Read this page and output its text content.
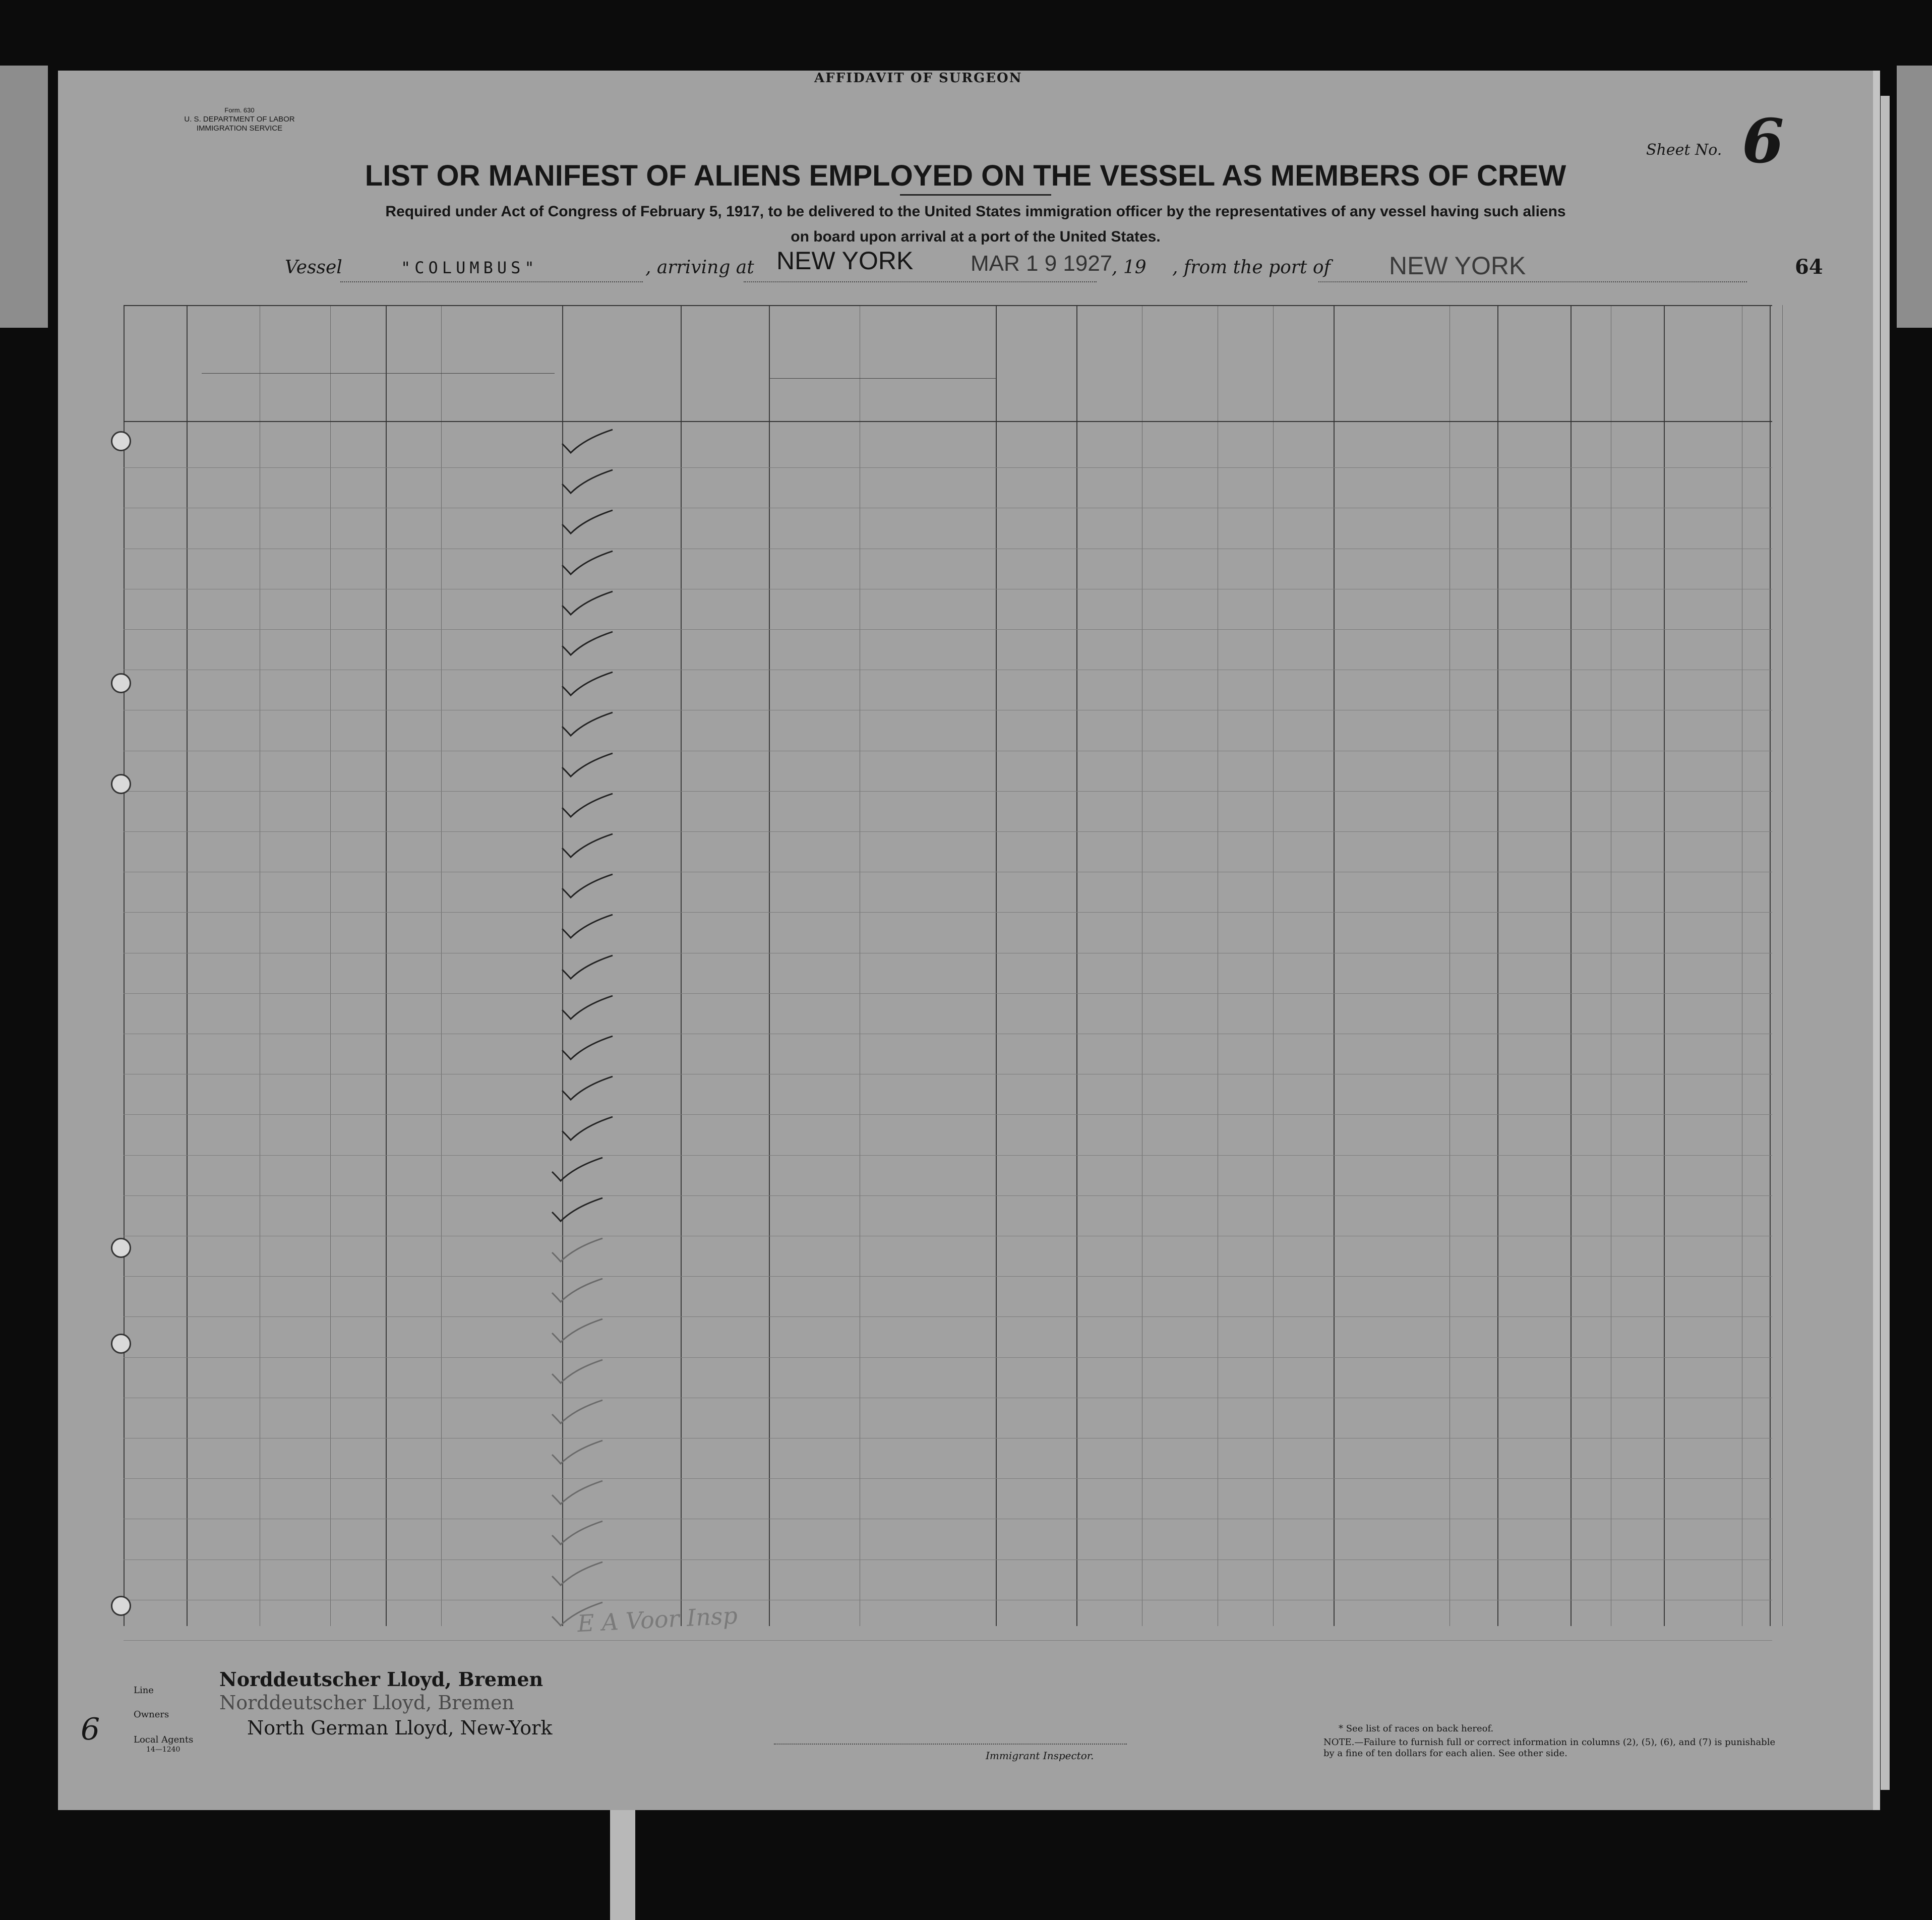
AFFIDAVIT OF SURGEON
Form. 630
U. S. DEPARTMENT OF LABOR
IMMIGRATION SERVICE
Sheet No. 6
LIST OR MANIFEST OF ALIENS EMPLOYED ON THE VESSEL AS MEMBERS OF CREW
Required under Act of Congress of February 5, 1917, to be delivered to the United States immigration officer by the representatives of any vessel having such aliens
on board upon arrival at a port of the United States.
Vessel	"COLUMBUS"	, arriving at NEW YORK	MAR 1 9 1927
, 19 , from the port of NEW YORK	64
E A Voor Insp
Line	Norddeutscher Lloyd, Bremen
Owners
Norddeutscher Lloyd, Bremen
Local Agents
14—1240
North German Lloyd, New-York
6
Immigrant Inspector.
* See list of races on back hereof.
NOTE.—Failure to furnish full or correct information in columns (2), (5), (6), and (7) is punishable by a fine of ten dollars for each alien. See other side.
